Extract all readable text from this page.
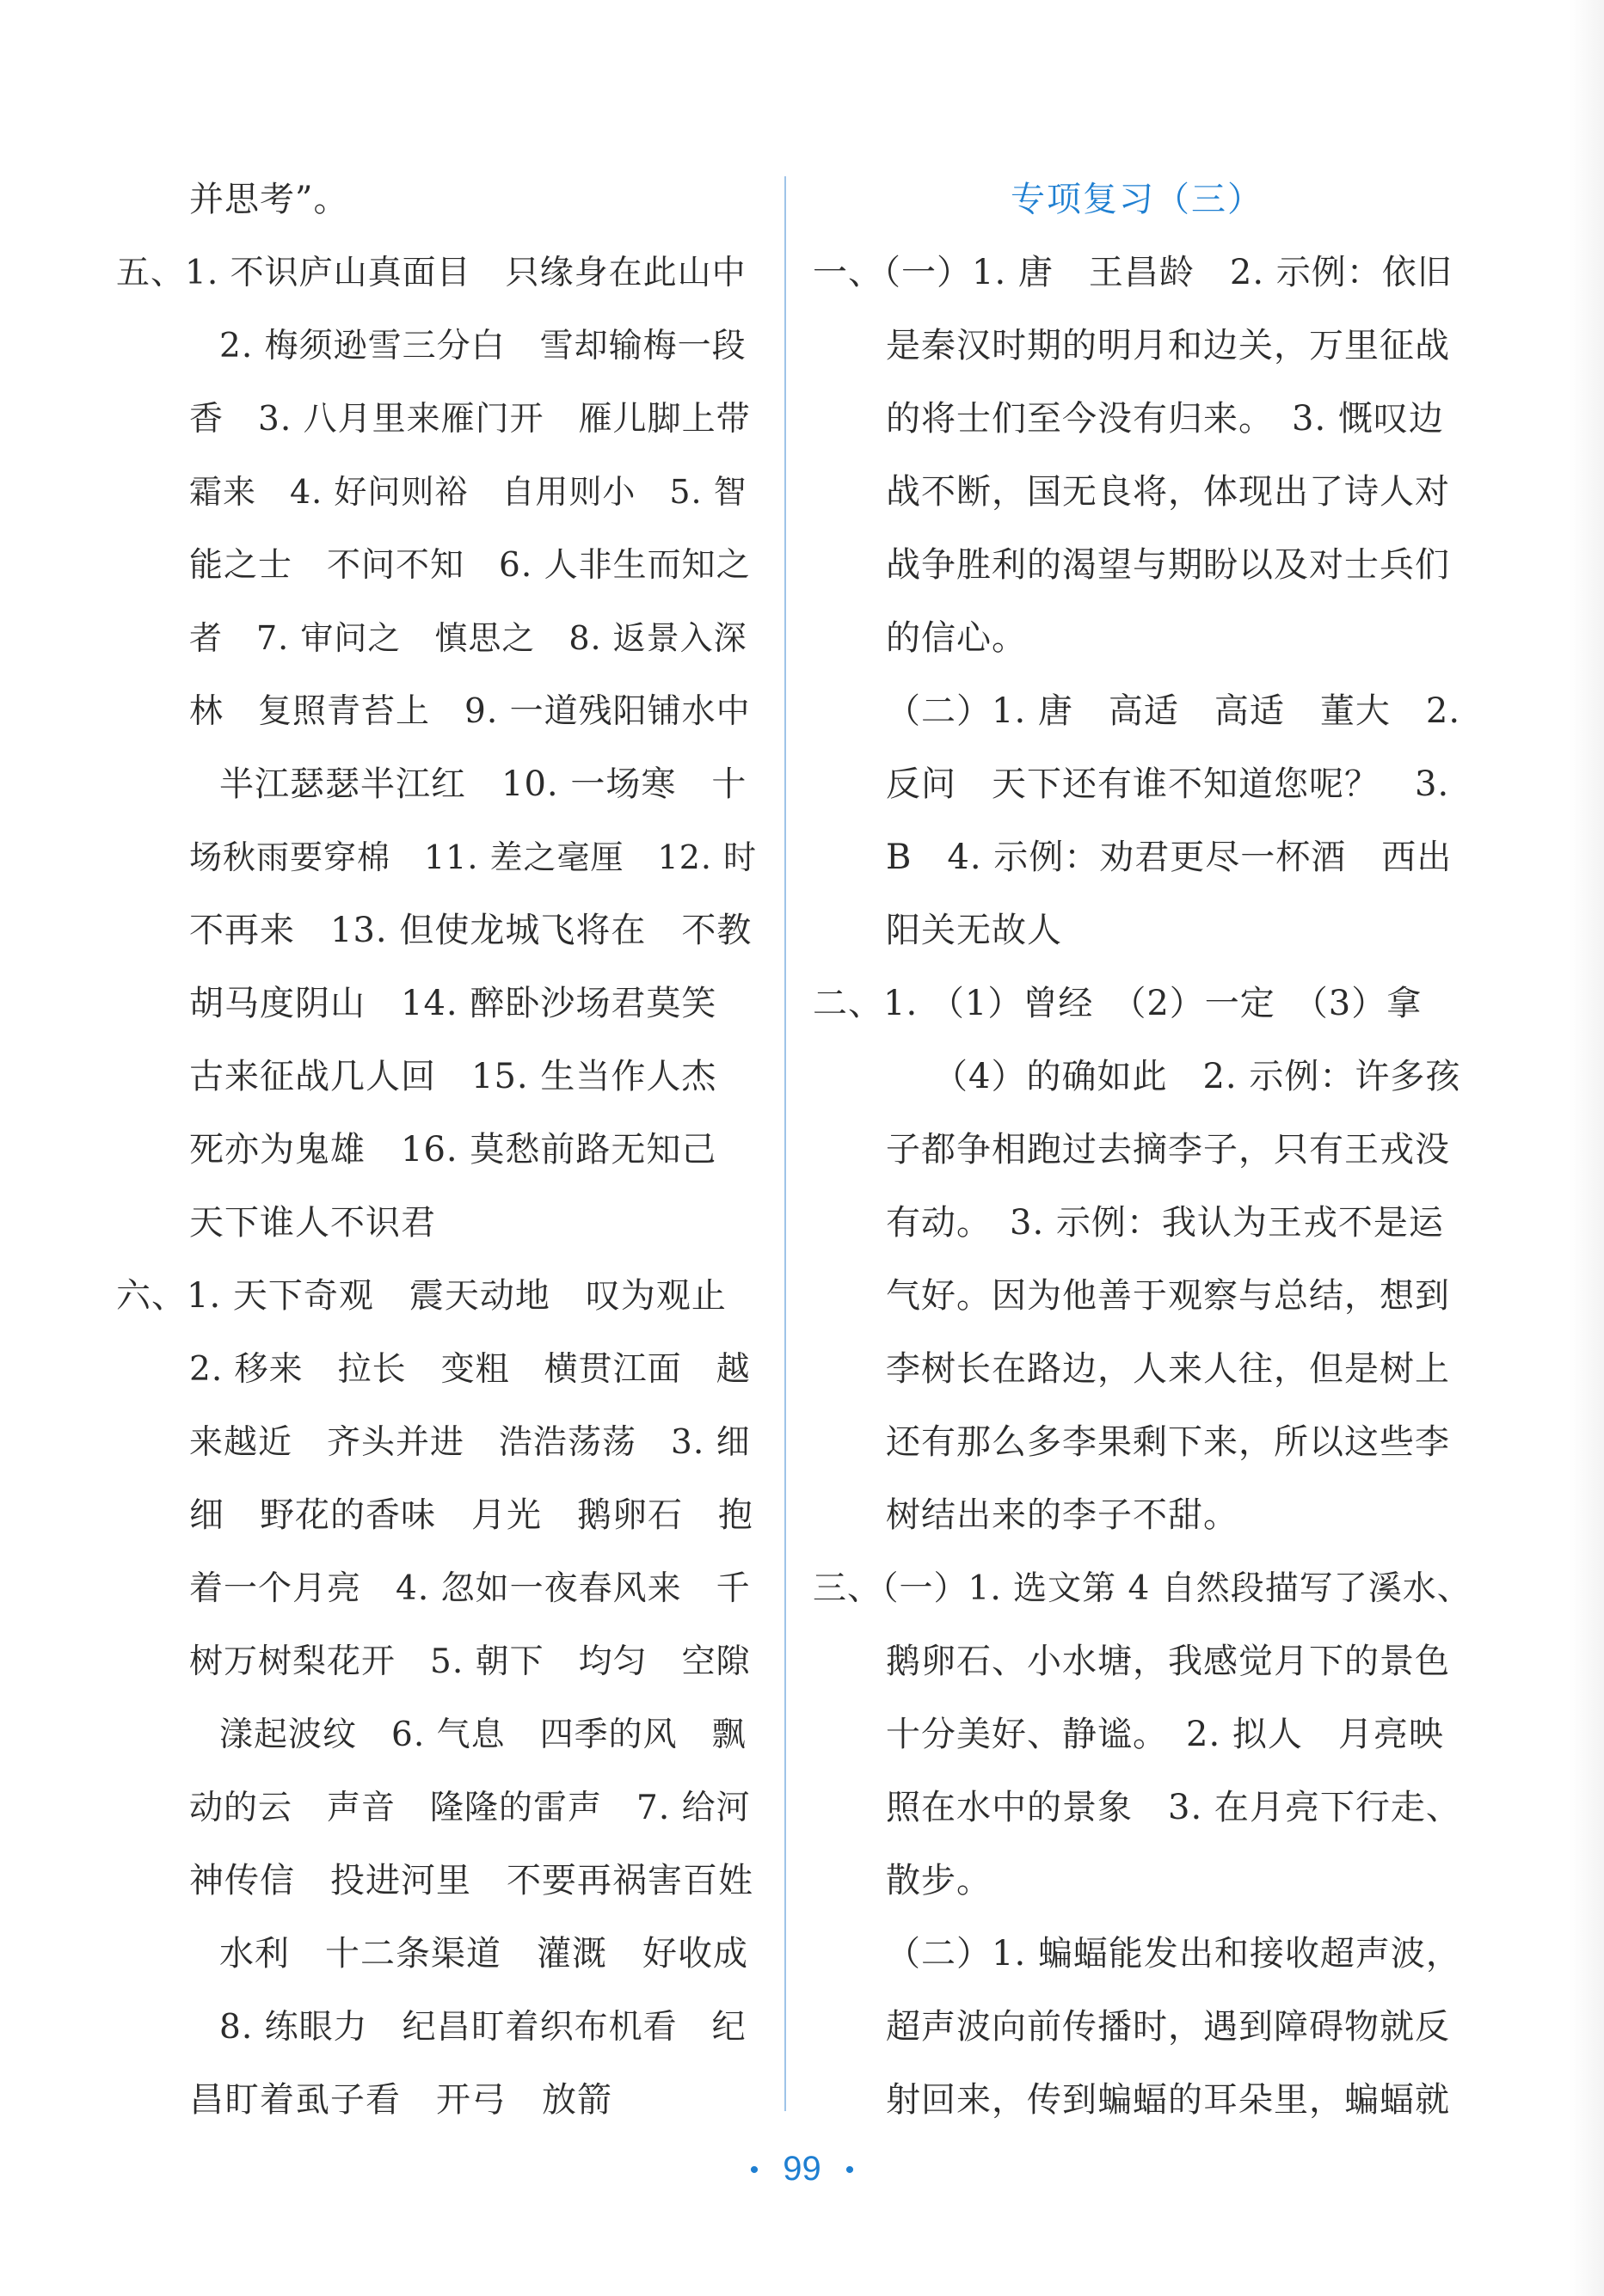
并思考”。
五、1. 不识庐山真面目　只缘身在此山中
2. 梅须逊雪三分白　雪却输梅一段
香　3. 八月里来雁门开　雁儿脚上带
霜来　4. 好问则裕　自用则小　5. 智
能之士　不问不知　6. 人非生而知之
者　7. 审问之　慎思之　8. 返景入深
林　复照青苔上　9. 一道残阳铺水中
半江瑟瑟半江红　10. 一场寒　十
场秋雨要穿棉　11. 差之毫厘　12. 时
不再来　13. 但使龙城飞将在　不教
胡马度阴山　14. 醉卧沙场君莫笑
古来征战几人回　15. 生当作人杰
死亦为鬼雄　16. 莫愁前路无知己
天下谁人不识君
六、1. 天下奇观　震天动地　叹为观止
2. 移来　拉长　变粗　横贯江面　越
来越近　齐头并进　浩浩荡荡　3. 细
细　野花的香味　月光　鹅卵石　抱
着一个月亮　4. 忽如一夜春风来　千
树万树梨花开　5. 朝下　均匀　空隙
漾起波纹　6. 气息　四季的风　飘
动的云　声音　隆隆的雷声　7. 给河
神传信　投进河里　不要再祸害百姓
水利　十二条渠道　灌溉　好收成
8. 练眼力　纪昌盯着织布机看　纪
昌盯着虱子看　开弓　放箭
专项复习（三）
一、（一）1. 唐　王昌龄　2. 示例：依旧
是秦汉时期的明月和边关，万里征战
的将士们至今没有归来。　3. 慨叹边
战不断，国无良将，体现出了诗人对
战争胜利的渴望与期盼以及对士兵们
的信心。
（二）1. 唐　高适　高适　董大　2.
反问　天下还有谁不知道您呢？　3.
B　4. 示例：劝君更尽一杯酒　西出
阳关无故人
二、1. （1）曾经　（2）一定　（3）拿
（4）的确如此　2. 示例：许多孩
子都争相跑过去摘李子，只有王戎没
有动。　3. 示例：我认为王戎不是运
气好。因为他善于观察与总结，想到
李树长在路边，人来人往，但是树上
还有那么多李果剩下来，所以这些李
树结出来的李子不甜。
三、（一）1. 选文第 4 自然段描写了溪水、
鹅卵石、小水塘，我感觉月下的景色
十分美好、静谧。　2. 拟人　月亮映
照在水中的景象　3. 在月亮下行走、
散步。
（二）1. 蝙蝠能发出和接收超声波，
超声波向前传播时，遇到障碍物就反
射回来，传到蝙蝠的耳朵里，蝙蝠就
• 99 •
